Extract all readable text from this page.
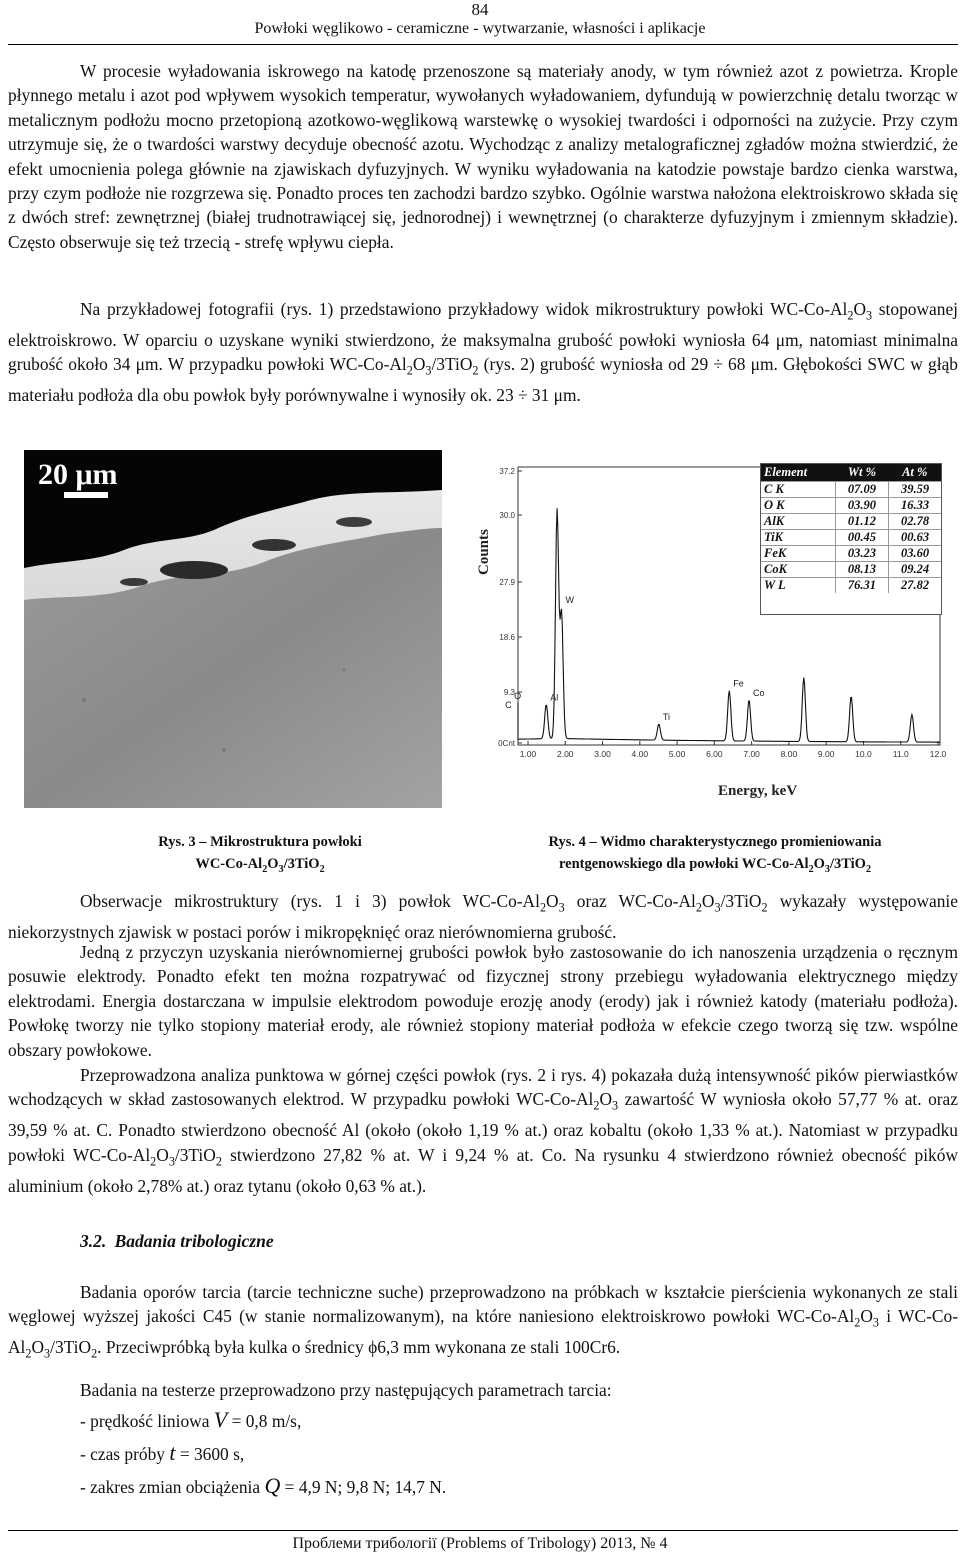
84
Powłoki węglikowo - ceramiczne - wytwarzanie, własności i aplikacje

W procesie wyładowania iskrowego na katodę przenoszone są materiały anody, w tym również azot z powietrza. Krople płynnego metalu i azot pod wpływem wysokich temperatur, wywołanych wyładowaniem, dyfundują w powierzchnię detalu tworząc w metalicznym podłożu mocno przetopioną azotkowo-węglikową warstewkę o wysokiej twardości i odporności na zużycie. Przy czym utrzymuje się, że o twardości warstwy decyduje obecność azotu. Wychodząc z analizy metalograficznej zgładów można stwierdzić, że efekt umocnienia polega głównie na zjawiskach dyfuzyjnych. W wyniku wyładowania na katodzie powstaje bardzo cienka warstwa, przy czym podłoże nie rozgrzewa się. Ponadto proces ten zachodzi bardzo szybko. Ogólnie warstwa nałożona elektroiskrowo składa się z dwóch stref: zewnętrznej (białej trudnotrawiącej się, jednorodnej) i wewnętrznej (o charakterze dyfuzyjnym i zmiennym składzie). Często obserwuje się też trzecią - strefę wpływu ciepła.

Na przykładowej fotografii (rys. 1) przedstawiono przykładowy widok mikrostruktury powłoki $WC-Co-Al_2O_3$ stopowanej elektroiskrowo. W oparciu o uzyskane wyniki stwierdzono, że maksymalna grubość powłoki wyniosła 64 μm, natomiast minimalna grubość około 34 μm. W przypadku powłoki $WC-Co-Al_2O_3/3TiO_2$ (rys. 2) grubość wyniosła od 29 ÷ 68 μm. Głębokości SWC w głąb materiału podłoża dla obu powłok były porównywalne i wynosiły ok. 23 ÷ 31 μm.

20 μm
Counts
Energy, keV
37.2
30.0
27.9
18.6
9.3
0Cnt
1.00 2.00 3.00 4.00 5.00 6.00 7.00 8.00 9.00 10.0 11.0 12.0
W
Al
O
C
Ti
Fe
Co
Element	Wt %	At %
C K	07.09	39.59
O K	03.90	16.33
AlK	01.12	02.78
TiK	00.45	00.63
FeK	03.23	03.60
CoK	08.13	09.24
W L	76.31	27.82
Rys. 3 – Mikrostruktura powłoki
$WC-Co-Al_2O_3/3TiO_2$
Rys. 4 – Widmo charakterystycznego promieniowania
rentgenowskiego dla powłoki $WC-Co-Al_2O_3/3TiO_2$

Obserwacje mikrostruktury (rys. 1 i 3) powłok $WC-Co-Al_2O_3$ oraz $WC-Co-Al_2O_3/3TiO_2$ wykazały występowanie niekorzystnych zjawisk w postaci porów i mikropęknięć oraz nierównomierna grubość.

Jedną z przyczyn uzyskania nierównomiernej grubości powłok było zastosowanie do ich nanoszenia urządzenia o ręcznym posuwie elektrody. Ponadto efekt ten można rozpatrywać od fizycznej strony przebiegu wyładowania elektrycznego między elektrodami. Energia dostarczana w impulsie elektrodom powoduje erozję anody (erody) jak i również katody (materiału podłoża). Powłokę tworzy nie tylko stopiony materiał erody, ale również stopiony materiał podłoża w efekcie czego tworzą się tzw. wspólne obszary powłokowe.

Przeprowadzona analiza punktowa w górnej części powłok (rys. 2 i rys. 4) pokazała dużą intensywność pików pierwiastków wchodzących w skład zastosowanych elektrod. W przypadku powłoki $WC-Co-Al_2O_3$ zawartość W wyniosła około 57,77 % at. oraz 39,59 % at. C. Ponadto stwierdzono obecność Al (około (około 1,19 % at.) oraz kobaltu (około 1,33 % at.). Natomiast w przypadku powłoki $WC-Co-Al_2O_3/3TiO_2$ stwierdzono 27,82 % at. W i 9,24 % at. Co. Na rysunku 4 stwierdzono również obecność pików aluminium (około 2,78% at.) oraz tytanu (około 0,63 % at.).

3.2. Badania tribologiczne

Badania oporów tarcia (tarcie techniczne suche) przeprowadzono na próbkach w kształcie pierścienia wykonanych ze stali węglowej wyższej jakości C45 (w stanie normalizowanym), na które naniesiono elektroiskrowo powłoki $WC-Co-Al_2O_3$ i $WC-Co-Al_2O_3/3TiO_2$. Przeciwpróbką była kulka o średnicy ϕ6,3 mm wykonana ze stali 100Cr6.

Badania na testerze przeprowadzono przy następujących parametrach tarcia:

- prędkość liniowa V = 0,8 m/s,
- czas próby t = 3600 s,
- zakres zmian obciążenia Q = 4,9 N; 9,8 N; 14,7 N.
Проблеми трибології (Problems of Tribology) 2013, № 4
